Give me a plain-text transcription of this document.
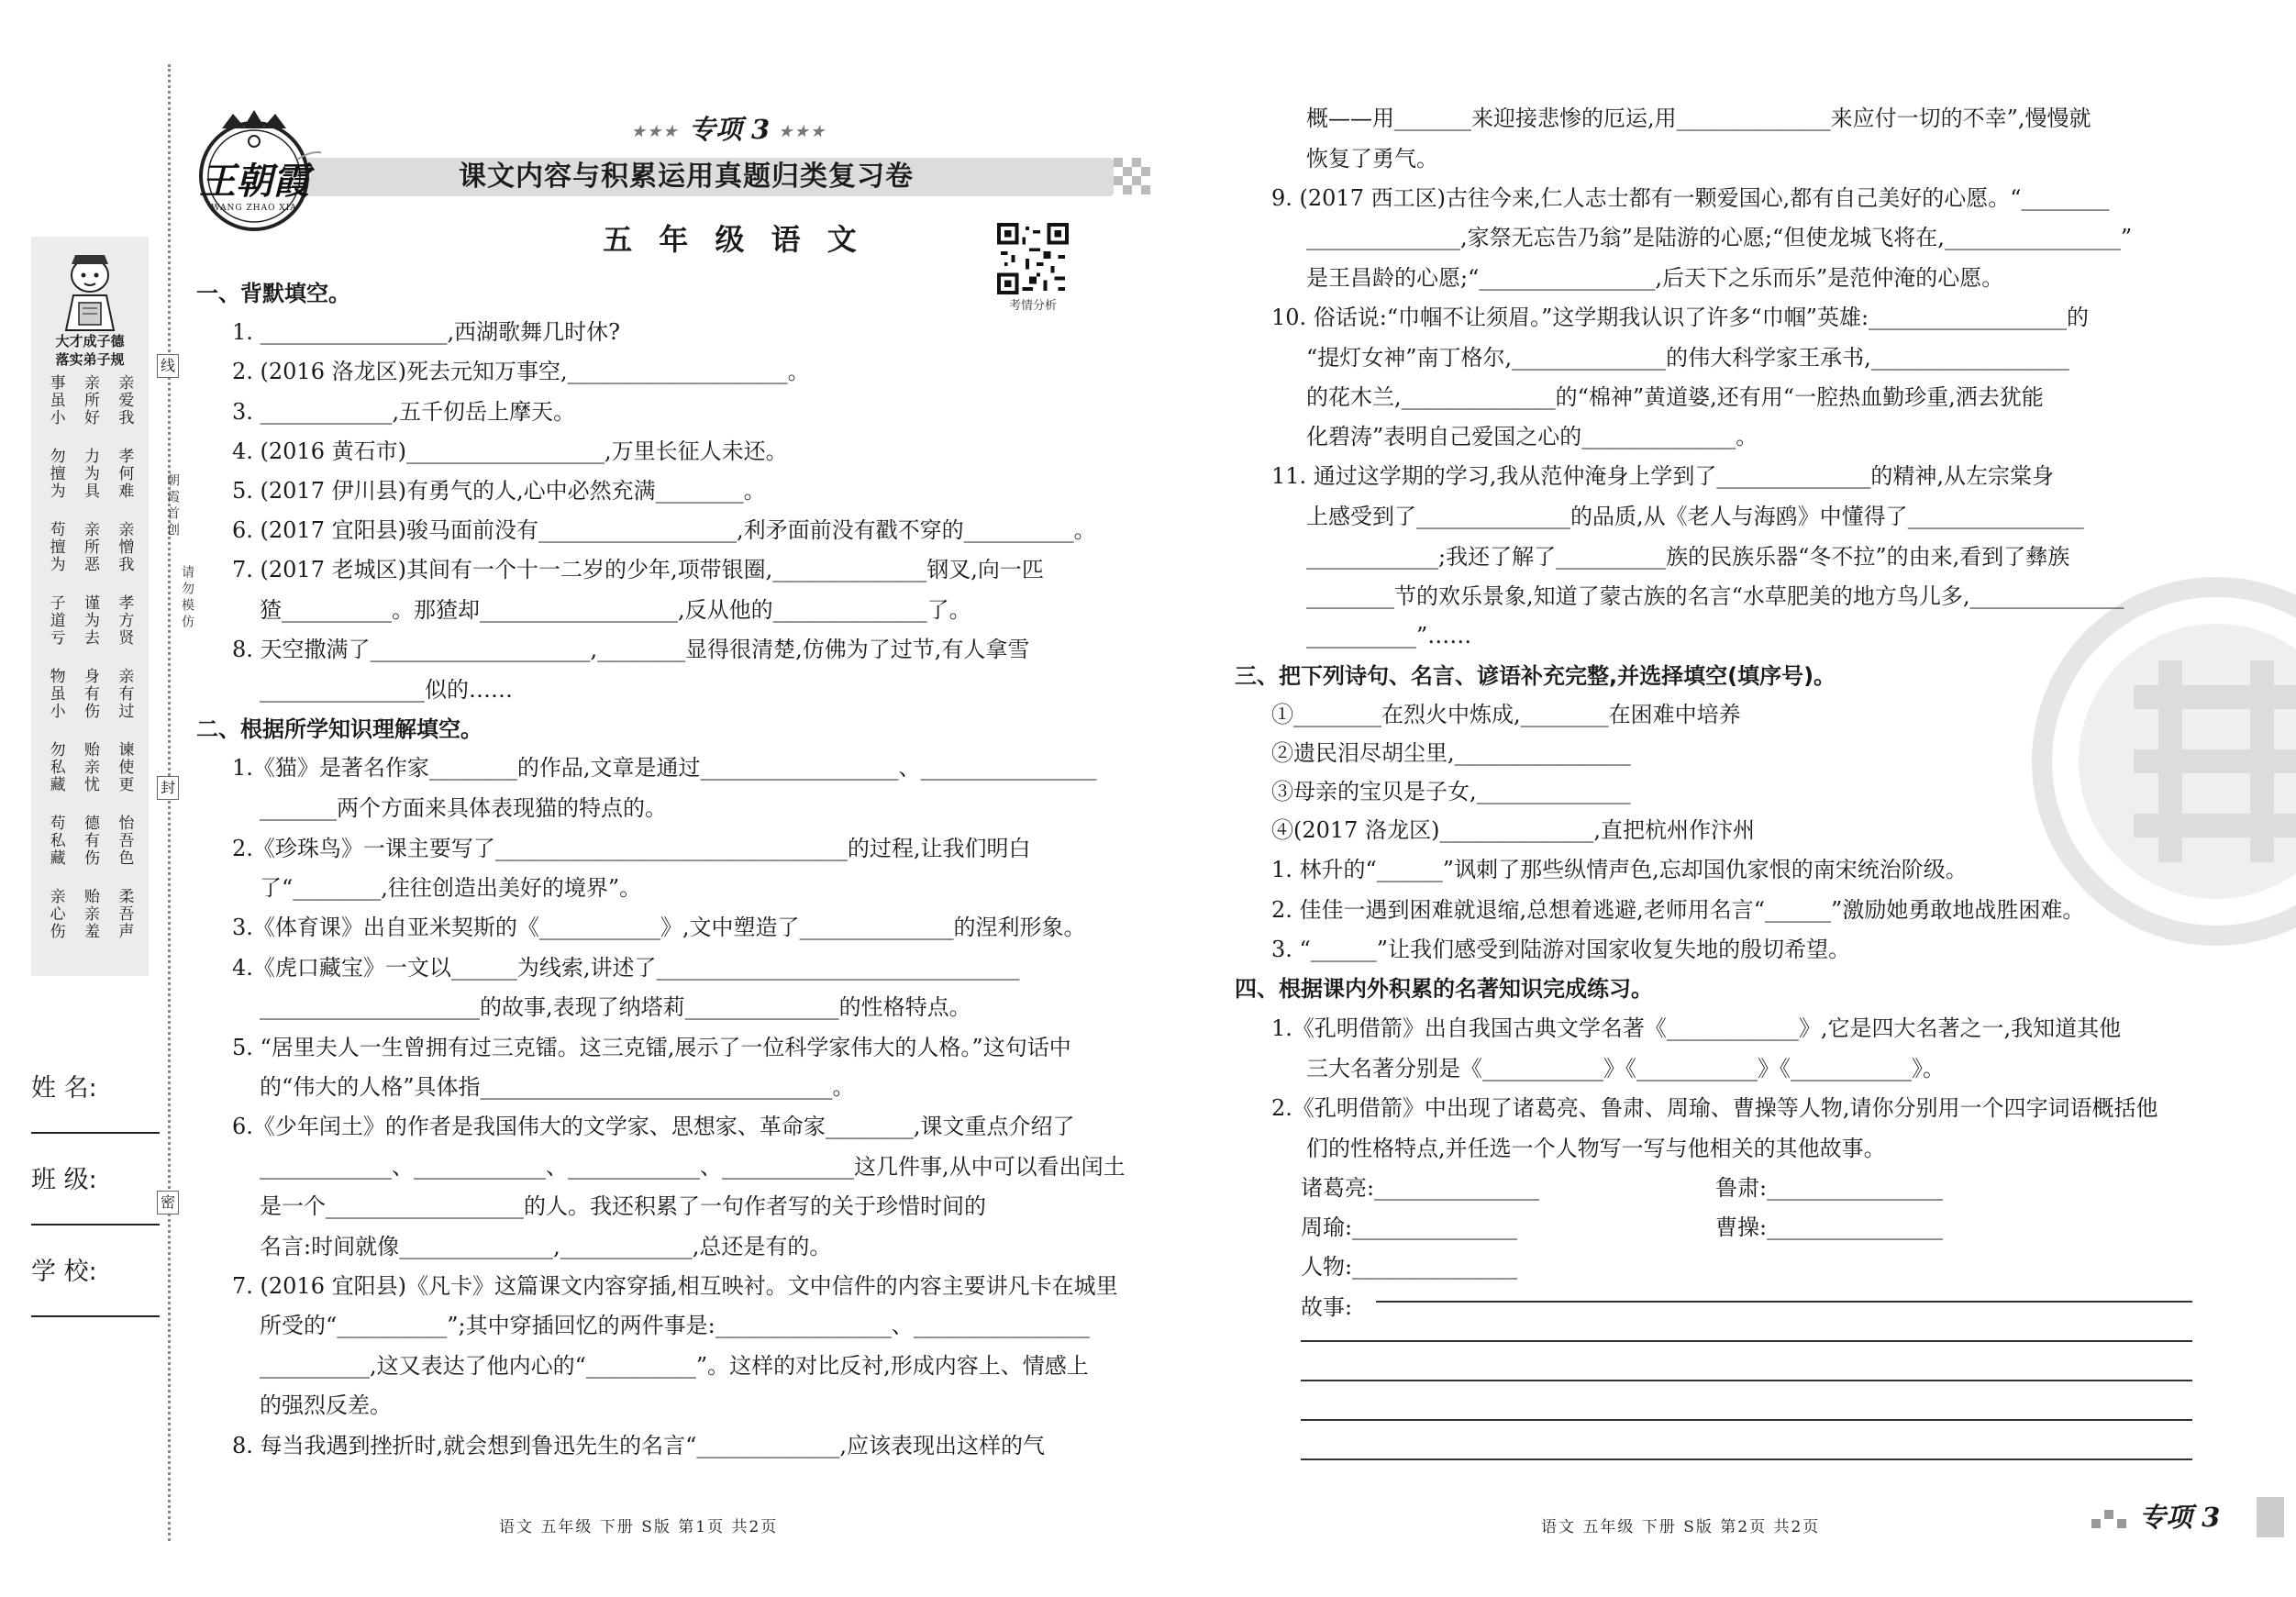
大才成子德
落实弟子规
事虽小 亲所好 亲爱我
勿擅为 力为具 孝何难
苟擅为 亲所恶 亲憎我
子道亏 谨为去 孝方贤
物虽小 身有伤 亲有过
勿私藏 贻亲忧 谏使更
苟私藏 德有伤 怡吾色
亲心伤 贻亲羞 柔吾声
线
封
密
朝霞首创
请勿模仿
姓 名:
班 级:
学 校:
王朝霞
WANG ZHAO XIA
★★★ 专项 3 ★★★
课文内容与积累运用真题归类复习卷
五 年 级 语 文
考情分析
一、背默填空。
1. _________________,西湖歌舞几时休?
2. (2016 洛龙区)死去元知万事空,____________________。
3. ____________,五千仞岳上摩天。
4. (2016 黄石市)__________________,万里长征人未还。
5. (2017 伊川县)有勇气的人,心中必然充满________。
6. (2017 宜阳县)骏马面前没有__________________,利矛面前没有戳不穿的__________。
7. (2017 老城区)其间有一个十一二岁的少年,项带银圈,______________钢叉,向一匹
猹__________。那猹却__________________,反从他的______________了。
8. 天空撒满了____________________,________显得很清楚,仿佛为了过节,有人拿雪
_______________似的……
二、根据所学知识理解填空。
1.《猫》是著名作家________的作品,文章是通过__________________、________________
_______两个方面来具体表现猫的特点的。
2.《珍珠鸟》一课主要写了________________________________的过程,让我们明白
了“________,往往创造出美好的境界”。
3.《体育课》出自亚米契斯的《___________》,文中塑造了______________的涅利形象。
4.《虎口藏宝》一文以______为线索,讲述了_________________________________
____________________的故事,表现了纳塔莉______________的性格特点。
5. “居里夫人一生曾拥有过三克镭。这三克镭,展示了一位科学家伟大的人格。”这句话中
的“伟大的人格”具体指________________________________。
6.《少年闰土》的作者是我国伟大的文学家、思想家、革命家________,课文重点介绍了
____________、____________、____________、____________这几件事,从中可以看出闰土
是一个__________________的人。我还积累了一句作者写的关于珍惜时间的
名言:时间就像______________,____________,总还是有的。
7. (2016 宜阳县)《凡卡》这篇课文内容穿插,相互映衬。文中信件的内容主要讲凡卡在城里
所受的“__________”;其中穿插回忆的两件事是:________________、________________
__________,这又表达了他内心的“__________”。这样的对比反衬,形成内容上、情感上
的强烈反差。
8. 每当我遇到挫折时,就会想到鲁迅先生的名言“_____________,应该表现出这样的气
概——用_______来迎接悲惨的厄运,用______________来应付一切的不幸”,慢慢就
恢复了勇气。
9. (2017 西工区)古往今来,仁人志士都有一颗爱国心,都有自己美好的心愿。“________
______________,家祭无忘告乃翁”是陆游的心愿;“但使龙城飞将在,________________”
是王昌龄的心愿;“________________,后天下之乐而乐”是范仲淹的心愿。
10. 俗话说:“巾帼不让须眉。”这学期我认识了许多“巾帼”英雄:__________________的
“提灯女神”南丁格尔,______________的伟大科学家王承书,__________________
的花木兰,______________的“棉神”黄道婆,还有用“一腔热血勤珍重,洒去犹能
化碧涛”表明自己爱国之心的______________。
11. 通过这学期的学习,我从范仲淹身上学到了______________的精神,从左宗棠身
上感受到了______________的品质,从《老人与海鸥》中懂得了________________
____________;我还了解了__________族的民族乐器“冬不拉”的由来,看到了彝族
________节的欢乐景象,知道了蒙古族的名言“水草肥美的地方鸟儿多,______________
__________”……
三、把下列诗句、名言、谚语补充完整,并选择填空(填序号)。
①________在烈火中炼成,________在困难中培养
②遗民泪尽胡尘里,________________
③母亲的宝贝是子女,______________
④(2017 洛龙区)______________,直把杭州作汴州
1. 林升的“______”讽刺了那些纵情声色,忘却国仇家恨的南宋统治阶级。
2. 佳佳一遇到困难就退缩,总想着逃避,老师用名言“______”激励她勇敢地战胜困难。
3. “______”让我们感受到陆游对国家收复失地的殷切希望。
四、根据课内外积累的名著知识完成练习。
1.《孔明借箭》出自我国古典文学名著《____________》,它是四大名著之一,我知道其他
三大名著分别是《___________》《___________》《___________》。
2.《孔明借箭》中出现了诸葛亮、鲁肃、周瑜、曹操等人物,请你分别用一个四字词语概括他
们的性格特点,并任选一个人物写一写与他相关的其他故事。
诸葛亮:_______________	鲁肃:________________
周瑜:_______________	曹操:________________
人物:_______________
故事:
语文 五年级 下册 S版 第1页 共2页	语文 五年级 下册 S版 第2页 共2页	专项 3
